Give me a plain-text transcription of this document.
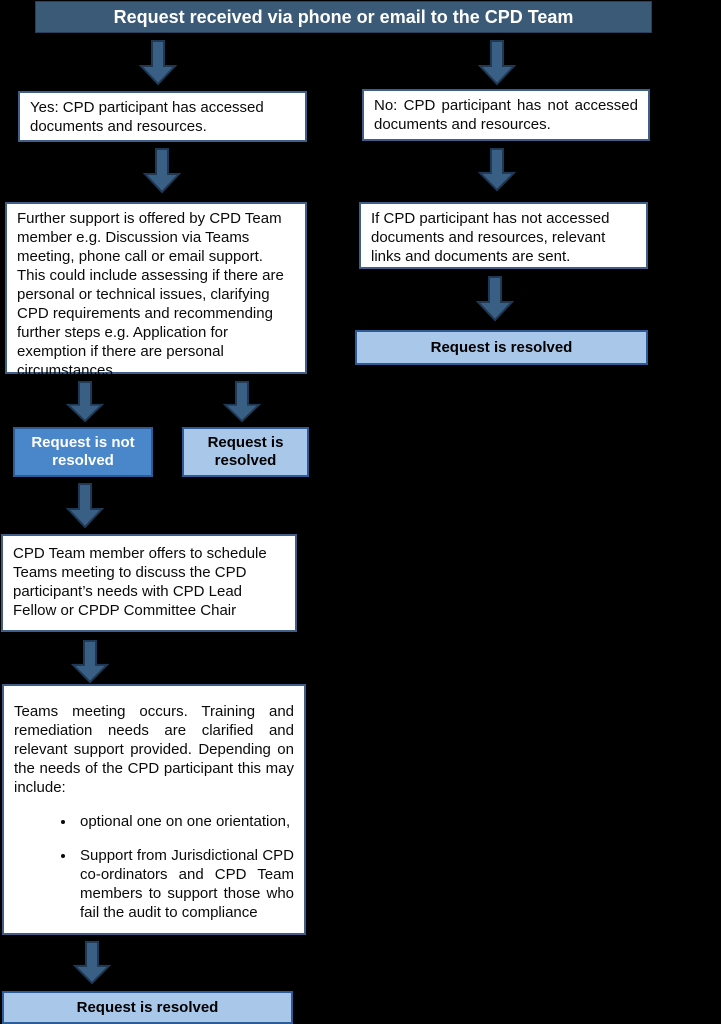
Request received via phone or email to the CPD Team
Yes: CPD participant has accessed documents and resources.
No: CPD participant has not accessed documents and resources.
Further support is offered by CPD Team member e.g. Discussion via Teams meeting, phone call or email support. This could include assessing if there are personal or technical issues, clarifying CPD requirements and recommending further steps e.g. Application for exemption if there are personal circumstances
If CPD participant has not accessed documents and resources, relevant links and documents are sent.
Request is resolved
Request is not resolved
Request is resolved
CPD Team member offers to schedule Teams meeting to discuss the CPD participant’s needs with CPD Lead Fellow or CPDP Committee Chair

Teams meeting occurs. Training and remediation needs are clarified and relevant support provided. Depending on the needs of the CPD participant this may include:

• optional one on one orientation,
• Support from Jurisdictional CPD co-ordinators and CPD Team members to support those who fail the audit to compliance
Request is resolved
